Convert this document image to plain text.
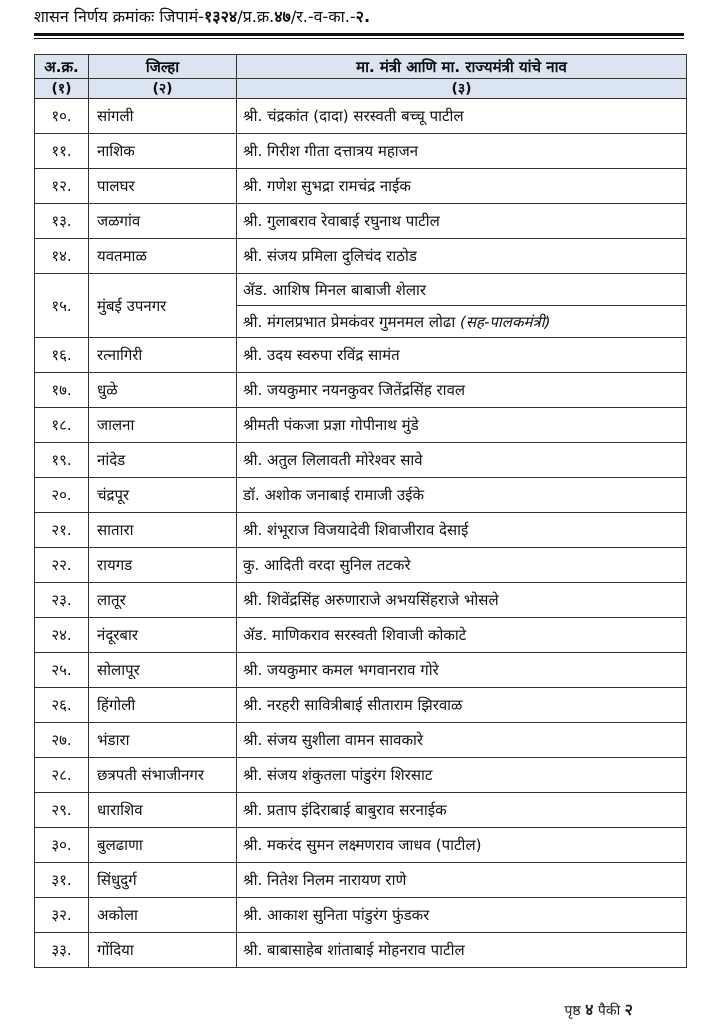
शासन निर्णय क्रमांकः जिपामं-१३२४/प्र.क्र.४७/र.-व-का.-२.
अ.क्र.	जिल्हा	मा. मंत्री आणि मा. राज्यमंत्री यांचे नाव
(१)	(२)	(३)
१०.	सांगली	श्री. चंद्रकांत (दादा) सरस्वती बच्चू पाटील
११.	नाशिक	श्री. गिरीश गीता दत्तात्रय महाजन
१२.	पालघर	श्री. गणेश सुभद्रा रामचंद्र नाईक
१३.	जळगांव	श्री. गुलाबराव रेवाबाई रघुनाथ पाटील
१४.	यवतमाळ	श्री. संजय प्रमिला दुलिचंद राठोड
१५.	मुंबई उपनगर	ॲड. आशिष मिनल बाबाजी शेलार
		श्री. मंगलप्रभात प्रेमकंवर गुमनमल लोढा (सह-पालकमंत्री)
१६.	रत्नागिरी	श्री. उदय स्वरुपा रविंद्र सामंत
१७.	धुळे	श्री. जयकुमार नयनकुवर जितेंद्रसिंह रावल
१८.	जालना	श्रीमती पंकजा प्रज्ञा गोपीनाथ मुंडे
१९.	नांदेड	श्री. अतुल लिलावती मोरेश्वर सावे
२०.	चंद्रपूर	डॉ. अशोक जनाबाई रामाजी उईके
२१.	सातारा	श्री. शंभूराज विजयादेवी शिवाजीराव देसाई
२२.	रायगड	कु. आदिती वरदा सुनिल तटकरे
२३.	लातूर	श्री. शिवेंद्रसिंह अरुणाराजे अभयसिंहराजे भोसले
२४.	नंदूरबार	ॲड. माणिकराव सरस्वती शिवाजी कोकाटे
२५.	सोलापूर	श्री. जयकुमार कमल भगवानराव गोरे
२६.	हिंगोली	श्री. नरहरी सावित्रीबाई सीताराम झिरवाळ
२७.	भंडारा	श्री. संजय सुशीला वामन सावकारे
२८.	छत्रपती संभाजीनगर	श्री. संजय शंकुतला पांडुरंग शिरसाट
२९.	धाराशिव	श्री. प्रताप इंदिराबाई बाबुराव सरनाईक
३०.	बुलढाणा	श्री. मकरंद सुमन लक्ष्मणराव जाधव (पाटील)
३१.	सिंधुदुर्ग	श्री. नितेश निलम नारायण राणे
३२.	अकोला	श्री. आकाश सुनिता पांडुरंग फुंडकर
३३.	गोंदिया	श्री. बाबासाहेब शांताबाई मोहनराव पाटील
पृष्ठ ४ पैकी २
